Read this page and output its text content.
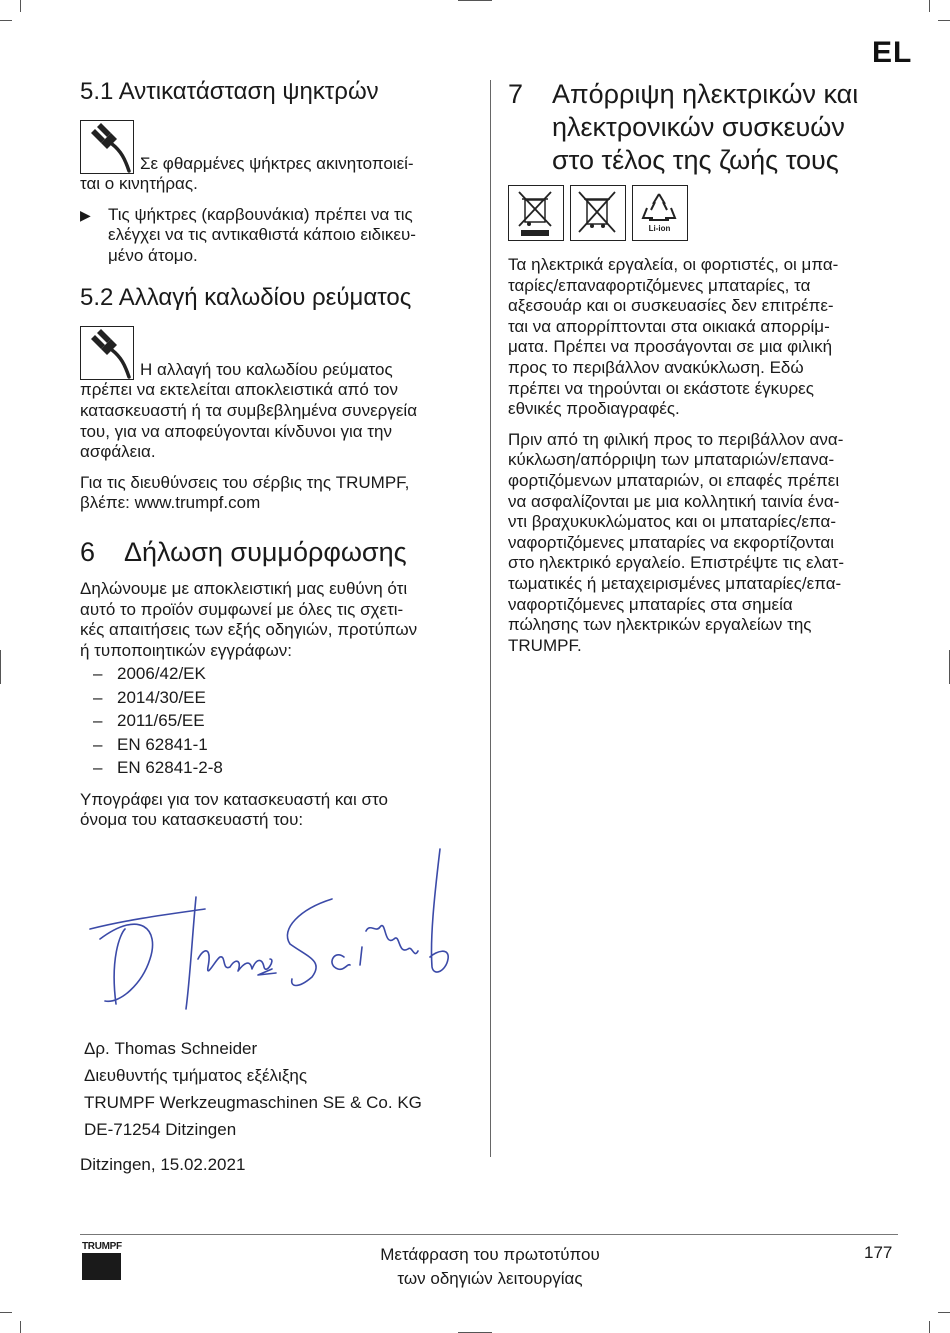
EL
5.1 Αντικατάσταση ψηκτρών
Σε φθαρμένες ψήκτρες ακινητοποιεί-

ται ο κινητήρας.

▶	Τις ψήκτρες (καρβουνάκια) πρέπει να τις

ελέγχει να τις αντικαθιστά κάποιο ειδικευ-

μένο άτομο.

5.2 Αλλαγή καλωδίου ρεύματος
Η αλλαγή του καλωδίου ρεύματος

πρέπει να εκτελείται αποκλειστικά από τον

κατασκευαστή ή τα συμβεβλημένα συνεργεία

του, για να αποφεύγονται κίνδυνοι για την

ασφάλεια.

Για τις διευθύνσεις του σέρβις της TRUMPF,

βλέπε: www.trumpf.com

6 Δήλωση συμμόρφωσης

Δηλώνουμε με αποκλειστική μας ευθύνη ότι

αυτό το προϊόν συμφωνεί με όλες τις σχετι-

κές απαιτήσεις των εξής οδηγιών, προτύπων

ή τυποποιητικών εγγράφων:

– 2006/42/EK
– 2014/30/EE
– 2011/65/EE
– EN 62841-1
– EN 62841-2-8

Υπογράφει για τον κατασκευαστή και στο

όνομα του κατασκευαστή του:

Δρ. Thomas Schneider

Διευθυντής τμήματος εξέλιξης

TRUMPF Werkzeugmaschinen SE & Co. KG

DE-71254 Ditzingen

Ditzingen, 15.02.2021

7	Απόρριψη ηλεκτρικών και
ηλεκτρονικών συσκευών
στο τέλος της ζωής τους
Li-ion

Τα ηλεκτρικά εργαλεία, οι φορτιστές, οι μπα-

ταρίες/επαναφορτιζόμενες μπαταρίες, τα

αξεσουάρ και οι συσκευασίες δεν επιτρέπε-

ται να απορρίπτονται στα οικιακά απορρίμ-

ματα. Πρέπει να προσάγονται σε μια φιλική

προς το περιβάλλον ανακύκλωση. Εδώ

πρέπει να τηρούνται οι εκάστοτε έγκυρες

εθνικές προδιαγραφές.

Πριν από τη φιλική προς το περιβάλλον ανα-

κύκλωση/απόρριψη των μπαταριών/επανα-

φορτιζόμενων μπαταριών, οι επαφές πρέπει

να ασφαλίζονται με μια κολλητική ταινία ένα-

ντι βραχυκυκλώματος και οι μπαταρίες/επα-

ναφορτιζόμενες μπαταρίες να εκφορτίζονται

στο ηλεκτρικό εργαλείο. Επιστρέψτε τις ελατ-

τωματικές ή μεταχειρισμένες μπαταρίες/επα-

ναφορτιζόμενες μπαταρίες στα σημεία

πώλησης των ηλεκτρικών εργαλείων της

TRUMPF.

TRUMPF	Μετάφραση του πρωτοτύπου
των οδηγιών λειτουργίας
177
